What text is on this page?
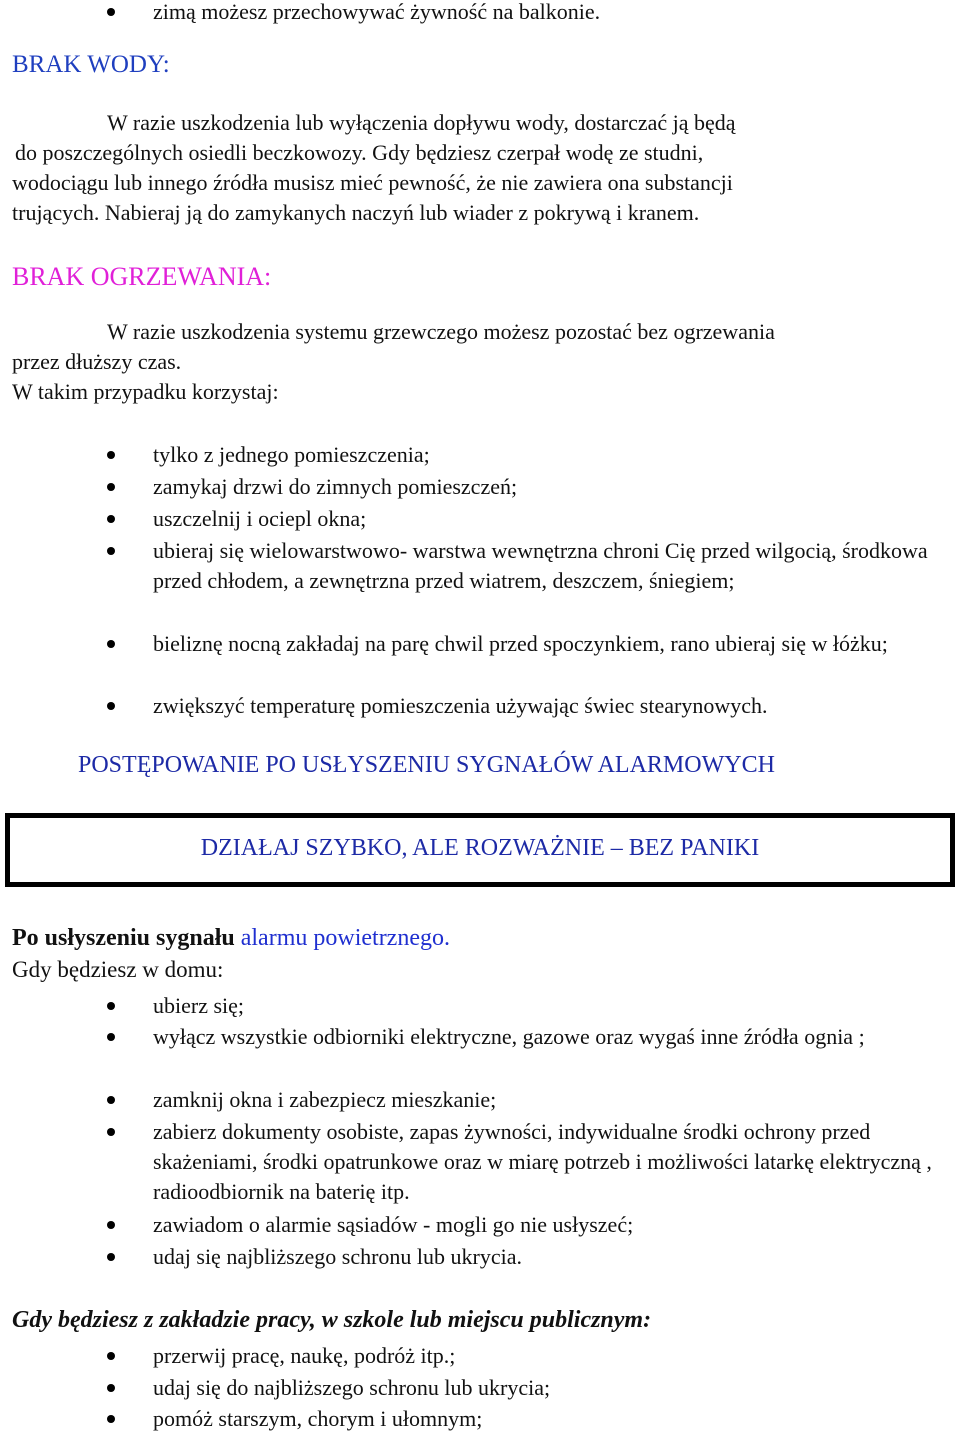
zimą możesz przechowywać żywność na balkonie.
BRAK WODY:
W razie uszkodzenia lub wyłączenia dopływu wody, dostarczać ją będą
do poszczególnych osiedli beczkowozy. Gdy będziesz czerpał wodę ze studni,
wodociągu lub innego źródła musisz mieć pewność, że nie zawiera ona substancji
trujących. Nabieraj ją do zamykanych naczyń lub wiader z pokrywą i kranem.
BRAK OGRZEWANIA:
W razie uszkodzenia systemu grzewczego możesz pozostać bez ogrzewania
przez dłuższy czas.
W takim przypadku korzystaj:
tylko z jednego pomieszczenia;
zamykaj drzwi do zimnych pomieszczeń;
uszczelnij i ociepl okna;
ubieraj się wielowarstwowo- warstwa wewnętrzna chroni Cię przed wilgocią, środkowa przed chłodem, a zewnętrzna przed wiatrem, deszczem, śniegiem;
bieliznę nocną zakładaj na parę chwil przed spoczynkiem, rano ubieraj się w łóżku;
zwiększyć temperaturę pomieszczenia używając świec stearynowych.
POSTĘPOWANIE PO USŁYSZENIU SYGNAŁÓW ALARMOWYCH
DZIAŁAJ SZYBKO, ALE ROZWAŻNIE – BEZ PANIKI
Po usłyszeniu sygnału alarmu powietrznego.
Gdy będziesz w domu:
ubierz się;
wyłącz wszystkie odbiorniki elektryczne, gazowe oraz wygaś inne źródła ognia ;
zamknij okna i zabezpiecz mieszkanie;
zabierz dokumenty osobiste, zapas żywności, indywidualne środki ochrony przed skażeniami, środki opatrunkowe oraz w miarę potrzeb i możliwości latarkę elektryczną , radioodbiornik na baterię itp.
zawiadom o alarmie sąsiadów - mogli go nie usłyszeć;
udaj się najbliższego schronu lub ukrycia.
Gdy będziesz z zakładzie pracy, w szkole lub miejscu publicznym:
przerwij pracę, naukę, podróż itp.;
udaj się do najbliższego schronu lub ukrycia;
pomóż starszym, chorym i ułomnym;
